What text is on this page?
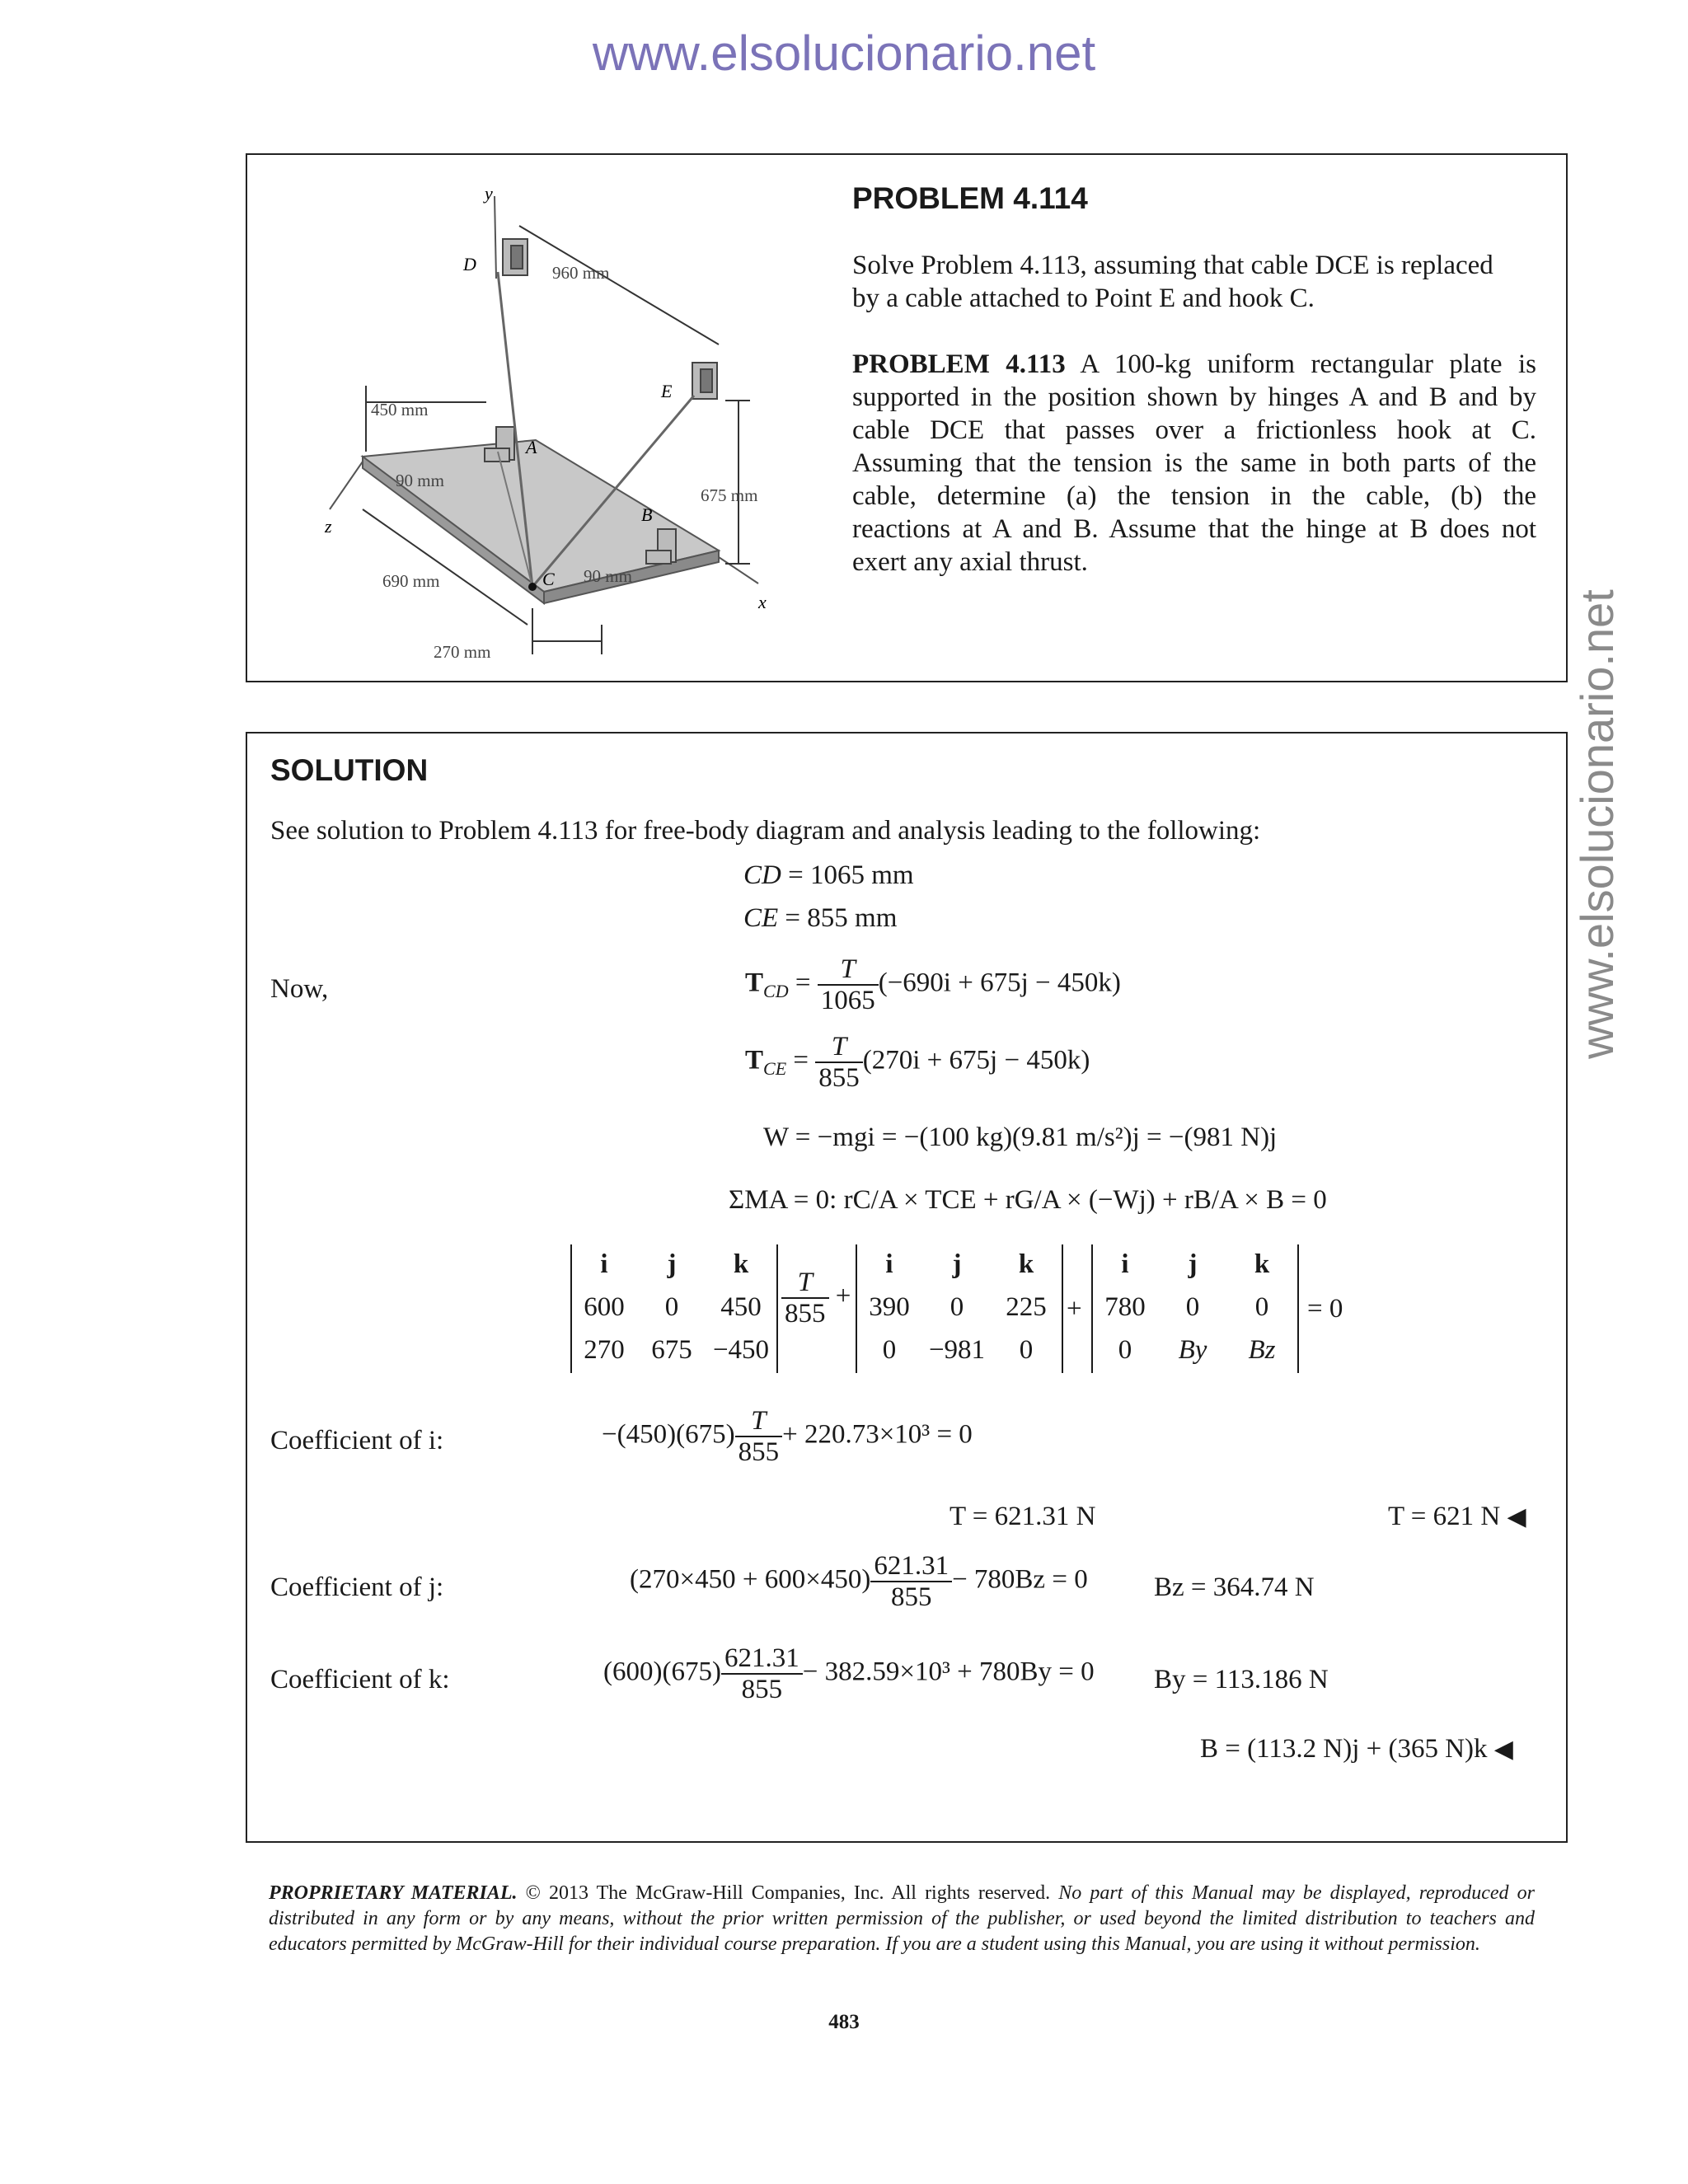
www.elsolucionario.net
www.elsolucionario.net
y
D
E
A
B
C
z
x
960 mm
450 mm
90 mm
675 mm
690 mm	90 mm
270 mm
PROBLEM 4.114
Solve Problem 4.113, assuming that cable DCE is replaced
by a cable attached to Point E and hook C.
PROBLEM 4.113 A 100-kg uniform rectangular plate is
supported in the position shown by hinges A and B and by
cable DCE that passes over a frictionless hook at C.
Assuming that the tension is the same in both parts of the
cable, determine (a) the tension in the cable, (b) the
reactions at A and B. Assume that the hinge at B does not
exert any axial thrust.
SOLUTION
See solution to Problem 4.113 for free-body diagram and analysis leading to the following:
CD = 1065 mm
CE = 855 mm
Now,	$T_{CD} = \frac{T}{1065} (-690i + 675j - 450k)$
$T_{CE} = \frac{T}{855} (270i + 675j - 450k)$
W = −mgi = −(100 kg)(9.81 m/s²)j = −(981 N)j
ΣMA = 0: rC/A × TCE + rG/A × (−Wj) + rB/A × B = 0
i	j	k
600	0	450
270 675 −450
$\frac{T}{855}$ +
i	j	k
390	0	225
0	−981	0
+
i	j	k
780	0	0
0	By	Bz
= 0
Coefficient of i:	$-(450)(675) \frac{T}{855} + 220.73\times 10^3 = 0$
T = 621.31 N	T = 621 N ◀
Coefficient of j:	$(270\times 450 + 600\times 450) \frac{621.31}{855} - 780Bz = 0$ Bz = 364.74 N
Coefficient of k:	$(600)(675) \frac{621.31}{855} - 382.59\times 10^3 + 780By = 0$ By = 113.186 N
B = (113.2 N)j + (365 N)k ◀
PROPRIETARY MATERIAL. © 2013 The McGraw-Hill Companies, Inc. All rights reserved. No part of this Manual may be displayed, reproduced or distributed in any form or by any means, without the prior written permission of the publisher, or used beyond the limited distribution to teachers and educators permitted by McGraw-Hill for their individual course preparation. If you are a student using this Manual, you are using it without permission.
483
